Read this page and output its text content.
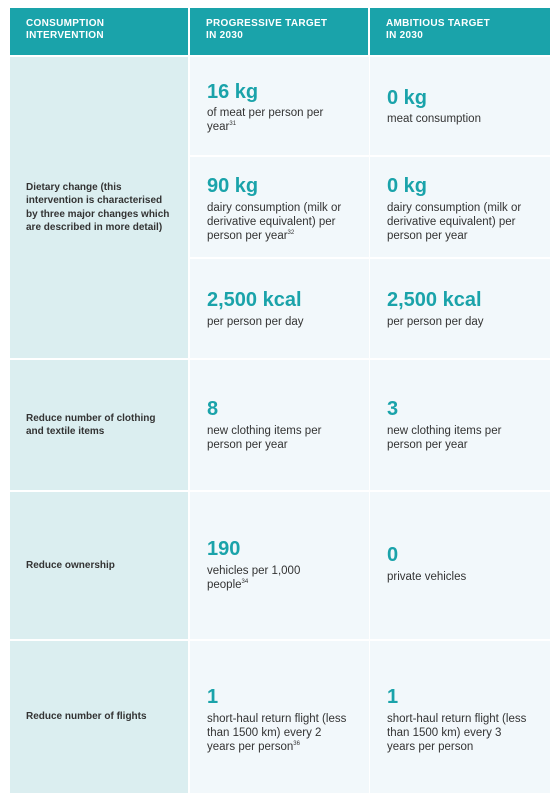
CONSUMPTION
INTERVENTION
PROGRESSIVE TARGET
IN 2030
AMBITIOUS TARGET
IN 2030
Dietary change (this intervention is characterised by three major changes which are described in more detail)
16 kg
of meat per person per year$^{31}$
0 kg
meat consumption
90 kg
dairy consumption (milk or derivative equivalent) per person per year$^{32}$
0 kg
dairy consumption (milk or derivative equivalent) per person per year
2,500 kcal
per person per day
2,500 kcal
per person per day
Reduce number of clothing and textile items
8
new clothing items per person per year
3
new clothing items per person per year
Reduce ownership
190
vehicles per 1,000 people$^{34}$
0
private vehicles
Reduce number of flights
1
short-haul return flight (less than 1500 km) every 2 years per person$^{36}$
1
short-haul return flight (less than 1500 km) every 3 years per person
